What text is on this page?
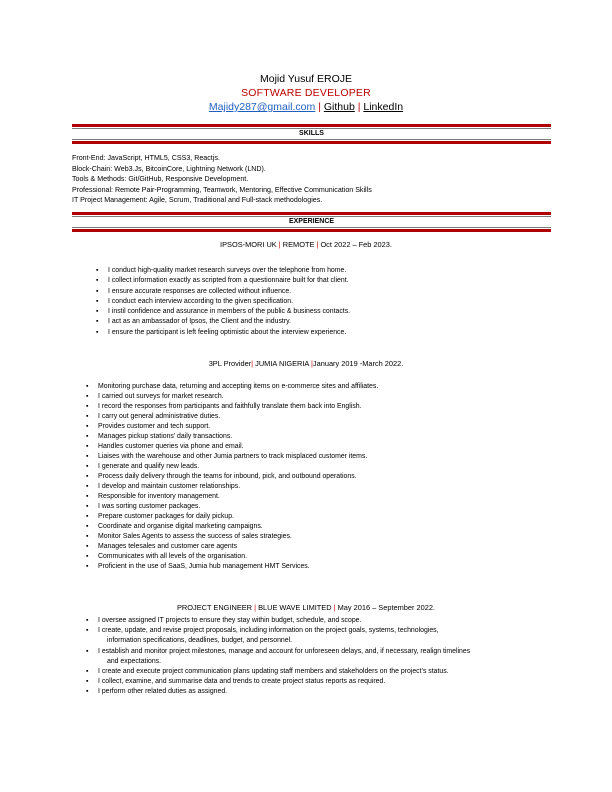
Mojid Yusuf EROJE
SOFTWARE DEVELOPER
Majidy287@gmail.com | Github | LinkedIn
SKILLS
Front-End: JavaScript, HTML5, CSS3, Reactjs.
Block-Chain: Web3.Js, BitcoinCore, Lightning Network (LND).
Tools & Methods: Git/GitHub, Responsive Development.
Professional: Remote Pair-Programming, Teamwork, Mentoring, Effective Communication Skills
IT Project Management: Agile, Scrum, Traditional and Full-stack methodologies.
EXPERIENCE
IPSOS-MORI UK | REMOTE | Oct 2022 – Feb 2023.
▪ I conduct high-quality market research surveys over the telephone from home.
▪ I collect information exactly as scripted from a questionnaire built for that client.
▪ I ensure accurate responses are collected without influence.
▪ I conduct each interview according to the given specification.
▪ I instil confidence and assurance in members of the public & business contacts.
▪ I act as an ambassador of Ipsos, the Client and the industry.
▪ I ensure the participant is left feeling optimistic about the interview experience.
3PL Provider| JUMIA NIGERIA |January 2019 -March 2022.
▪ Monitoring purchase data, returning and accepting items on e-commerce sites and affiliates.
▪ I carried out surveys for market research.
▪ I record the responses from participants and faithfully translate them back into English.
▪ I carry out general administrative duties.
▪ Provides customer and tech support.
▪ Manages pickup stations’ daily transactions.
▪ Handles customer queries via phone and email.
▪ Liaises with the warehouse and other Jumia partners to track misplaced customer items.
▪ I generate and qualify new leads.
▪ Process daily delivery through the teams for inbound, pick, and outbound operations.
▪ I develop and maintain customer relationships.
▪ Responsible for inventory management.
▪ I was sorting customer packages.
▪ Prepare customer packages for daily pickup.
▪ Coordinate and organise digital marketing campaigns.
▪ Monitor Sales Agents to assess the success of sales strategies.
▪ Manages telesales and customer care agents
▪ Communicates with all levels of the organisation.
▪ Proficient in the use of SaaS, Jumia hub management HMT Services.
PROJECT ENGINEER | BLUE WAVE LIMITED | May 2016 – September 2022.
▪ I oversee assigned IT projects to ensure they stay within budget, schedule, and scope.
▪ I create, update, and revise project proposals, including information on the project goals, systems, technologies,
information specifications, deadlines, budget, and personnel.
▪ I establish and monitor project milestones, manage and account for unforeseen delays, and, if necessary, realign timelines
and expectations.
▪ I create and execute project communication plans updating staff members and stakeholders on the project’s status.
▪ I collect, examine, and summarise data and trends to create project status reports as required.
▪ I perform other related duties as assigned.
